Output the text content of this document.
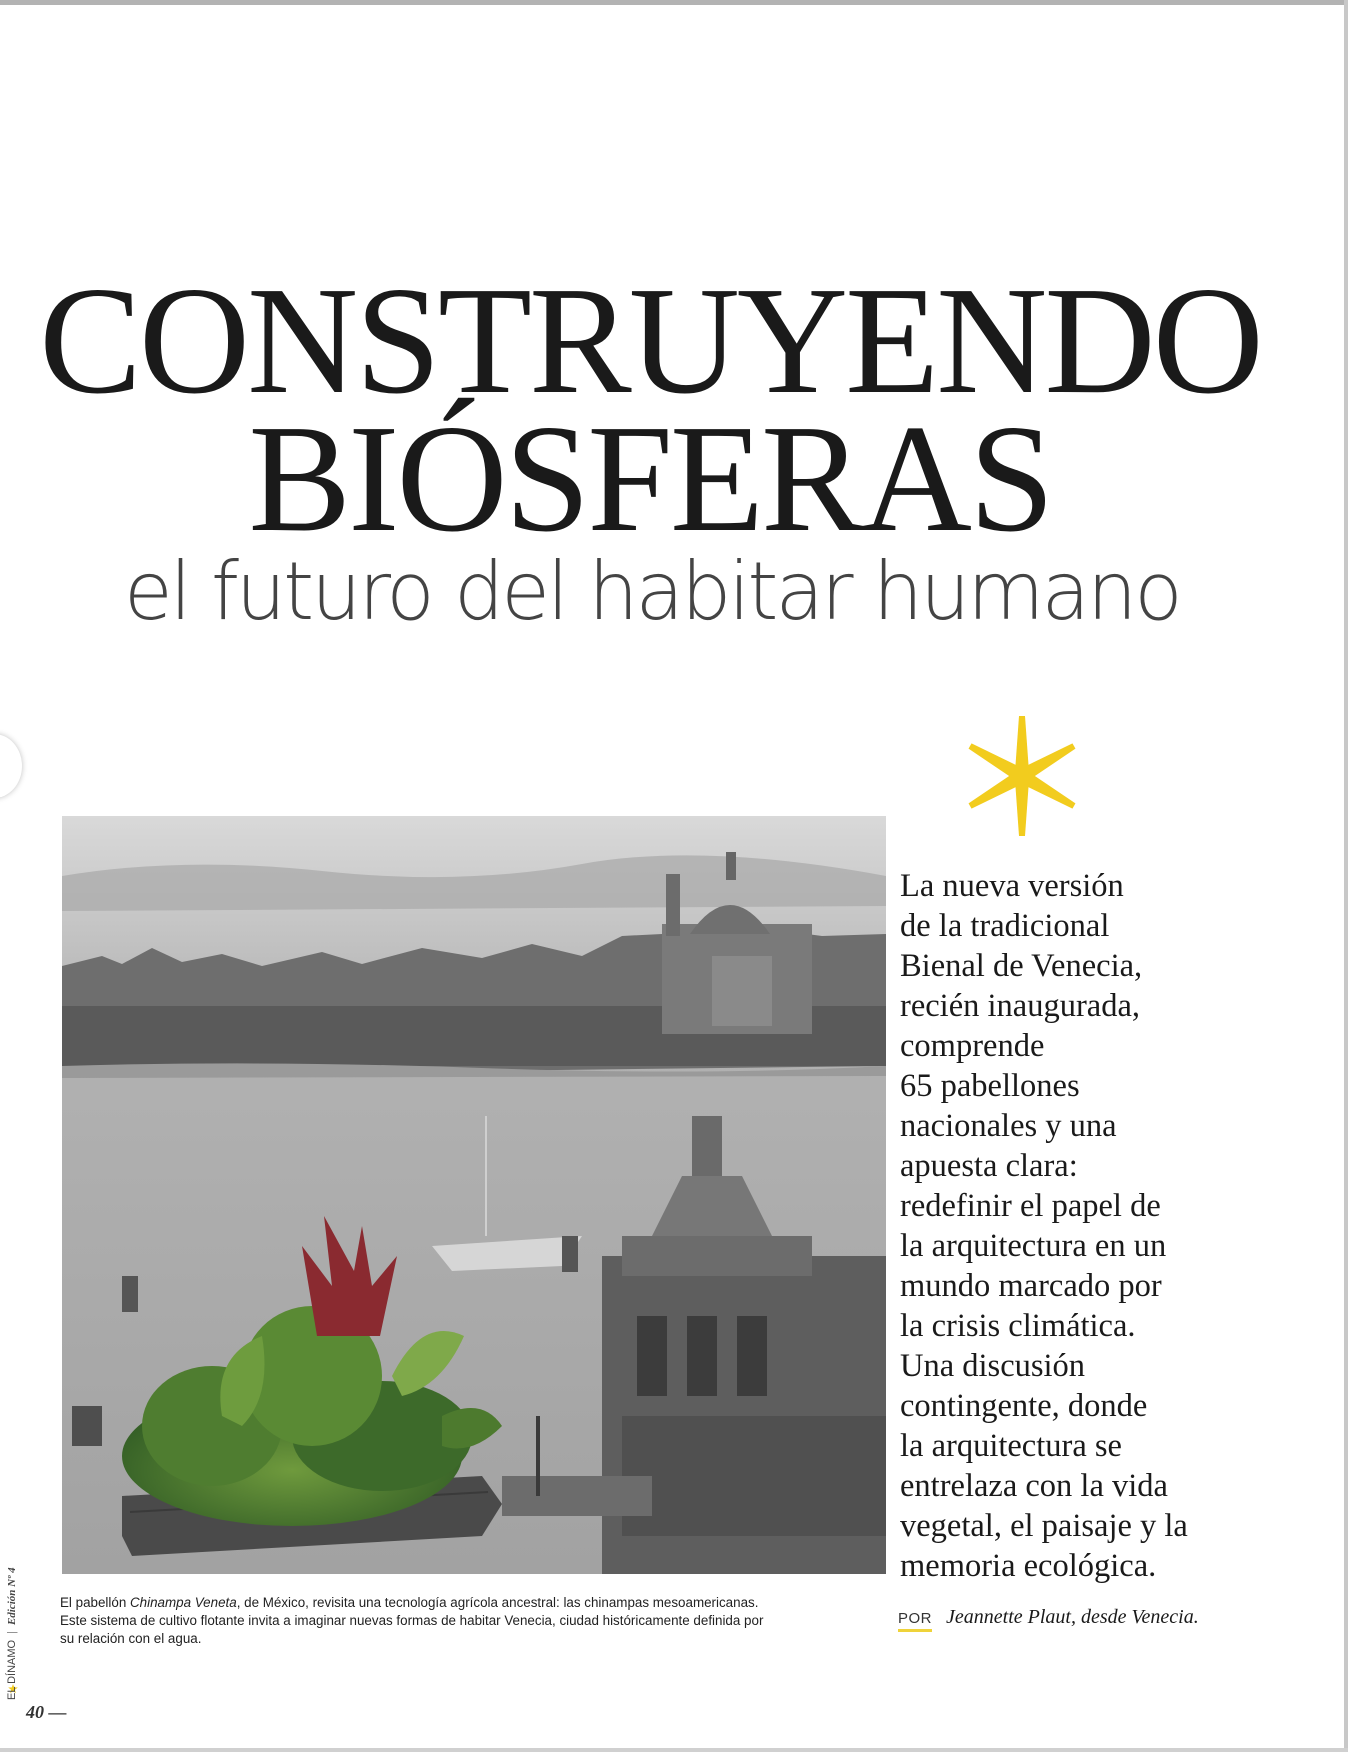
CONSTRUYENDO
BIÓSFERAS
el futuro del habitar humano
La nueva versión
de la tradicional
Bienal de Venecia,
recién inaugurada,
comprende
65 pabellones
nacionales y una
apuesta clara:
redefinir el papel de
la arquitectura en un
mundo marcado por
la crisis climática.
Una discusión
contingente, donde
la arquitectura se
entrelaza con la vida
vegetal, el paisaje y la
memoria ecológica.
POR Jeannette Plaut, desde Venecia.
El pabellón Chinampa Veneta, de México, revisita una tecnología agrícola ancestral: las chinampas mesoamericanas. Este sistema de cultivo flotante invita a imaginar nuevas formas de habitar Venecia, ciudad históricamente definida por su relación con el agua.
EL DÍNAMO|Edición Nº 4
40 —
